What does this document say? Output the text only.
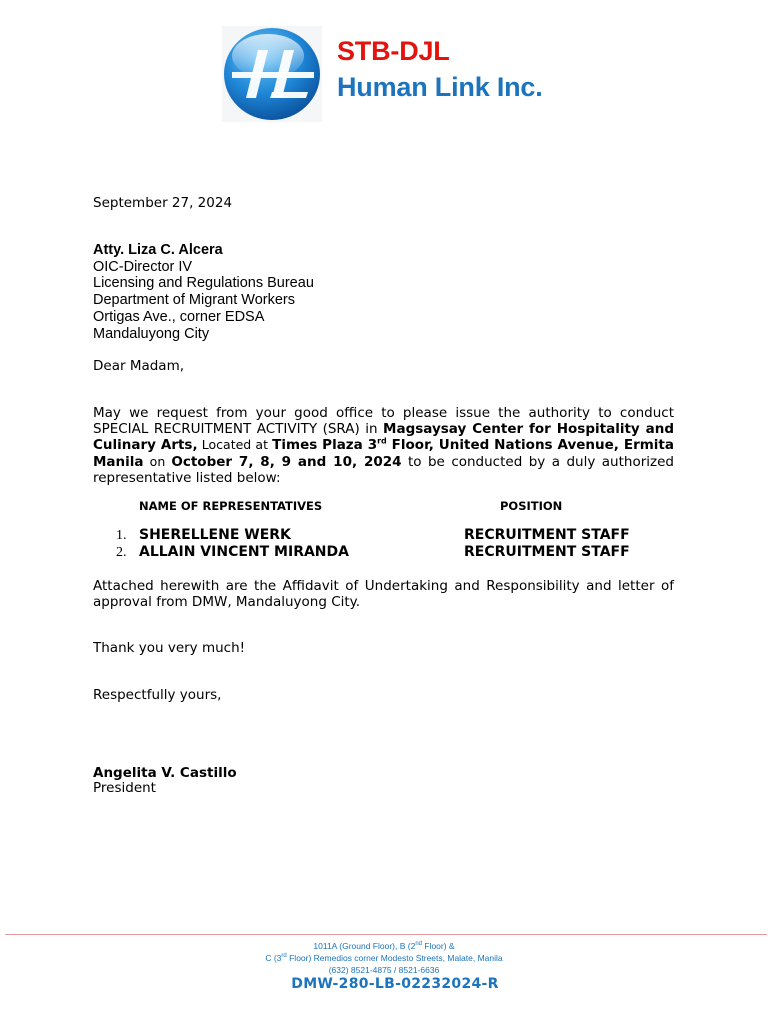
STB-DJL
Human Link Inc.
September 27, 2024
Atty. Liza C. Alcera
OIC-Director IV
Licensing and Regulations Bureau
Department of Migrant Workers
Ortigas Ave., corner EDSA
Mandaluyong City
Dear Madam,
May we request from your good office to please issue the authority to conduct SPECIAL RECRUITMENT ACTIVITY (SRA) in Magsaysay Center for Hospitality and Culinary Arts, Located at Times Plaza 3rd Floor, United Nations Avenue, Ermita Manila on October 7, 8, 9 and 10, 2024 to be conducted by a duly authorized representative listed below:
NAME OF REPRESENTATIVES	POSITION
1. SHERELLENE WERK	RECRUITMENT STAFF
2. ALLAIN VINCENT MIRANDA	RECRUITMENT STAFF
Attached herewith are the Affidavit of Undertaking and Responsibility and letter of approval from DMW, Mandaluyong City.
Thank you very much!
Respectfully yours,
Angelita V. Castillo
President
1011A (Ground Floor), B (2nd Floor) &
C (3rd Floor) Remedios corner Modesto Streets, Malate, Manila
(632) 8521-4875 / 8521-6636
DMW-280-LB-02232024-R
